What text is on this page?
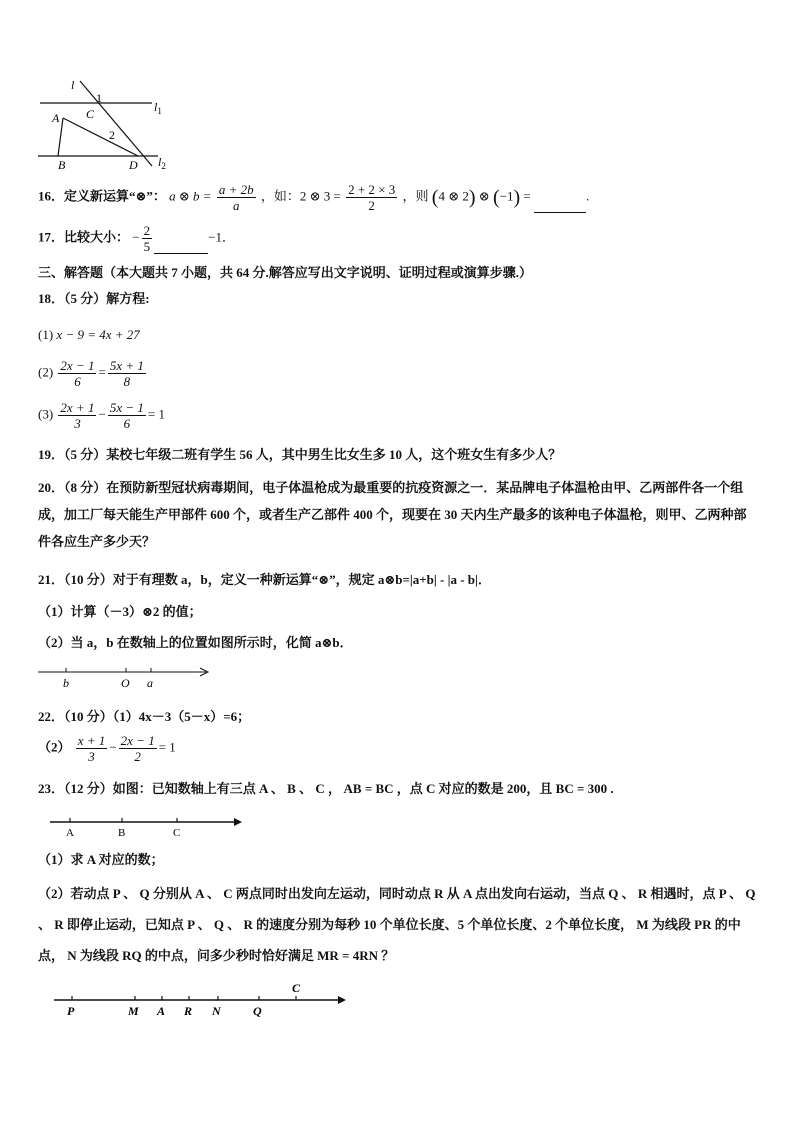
l
1
C	$l_1$
A
2
B	D $l_2$
16．定义新运算“⊗”： a ⊗ $b = \frac{a + 2b}{a}$ ，如：2 ⊗ $3 = \frac{2 + 2 \times 3}{2}$ ，则 (4 ⊗ 2) ⊗ (−1) =	.
17．比较大小： − $\frac{2}{5}$	−1．
三、解答题（本大题共 7 小题，共 64 分.解答应写出文字说明、证明过程或演算步骤.）
18．（5 分）解方程:
(1) x − 9 = 4x + 27
$(2) \frac{2x - 1}{6} = \frac{5x + 1}{8}$
$(3) \frac{2x + 1}{3} - \frac{5x - 1}{6} = 1$
19．（5 分）某校七年级二班有学生 56 人，其中男生比女生多 10 人，这个班女生有多少人？
20．（8 分）在预防新型冠状病毒期间，电子体温枪成为最重要的抗疫资源之一．某品牌电子体温枪由甲、乙两部件各一个组成，加工厂每天能生产甲部件 600 个，或者生产乙部件 400 个，现要在 30 天内生产最多的该种电子体温枪，则甲、乙两种部件各应生产多少天？
21．（10 分）对于有理数 a，b，定义一种新运算“⊗”，规定 a⊗b=|a+b| - |a - b|．
（1）计算（－3）⊗2 的值；
（2）当 a，b 在数轴上的位置如图所示时，化简 a⊗b．
b	O a
22．（10 分）（1）4x－3（5－x）=6；
$(2) \frac{x + 1}{3} - \frac{2x - 1}{2} = 1$
23．（12 分）如图：已知数轴上有三点 A 、 B 、 C ， AB = BC ，点 C 对应的数是 200，且 BC = 300 .
A	B	C
（1）求 A 对应的数；
（2）若动点 P 、 Q 分别从 A 、 C 两点同时出发向左运动，同时动点 R 从 A 点出发向右运动，当点 Q 、 R 相遇时，点 P 、 Q 、 R 即停止运动，已知点 P 、 Q 、 R 的速度分别为每秒 10 个单位长度、5 个单位长度、2 个单位长度， M 为线段 PR 的中点， N 为线段 RQ 的中点，问多少秒时恰好满足 MR = 4RN ？
P	M A R N	Q
C
